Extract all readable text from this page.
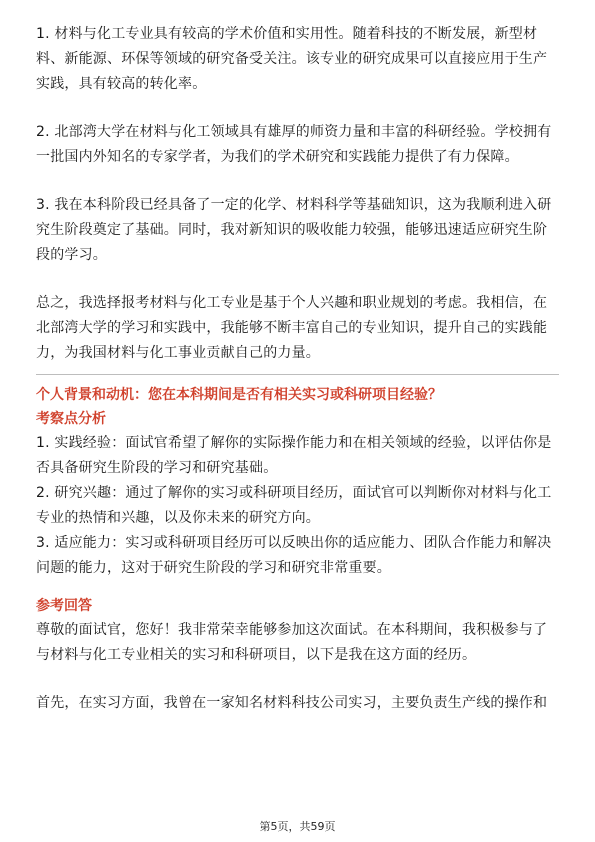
1. 材料与化工专业具有较高的学术价值和实用性。随着科技的不断发展，新型材料、新能源、环保等领域的研究备受关注。该专业的研究成果可以直接应用于生产实践，具有较高的转化率。

2. 北部湾大学在材料与化工领域具有雄厚的师资力量和丰富的科研经验。学校拥有一批国内外知名的专家学者，为我们的学术研究和实践能力提供了有力保障。

3. 我在本科阶段已经具备了一定的化学、材料科学等基础知识，这为我顺利进入研究生阶段奠定了基础。同时，我对新知识的吸收能力较强，能够迅速适应研究生阶段的学习。

总之，我选择报考材料与化工专业是基于个人兴趣和职业规划的考虑。我相信，在北部湾大学的学习和实践中，我能够不断丰富自己的专业知识，提升自己的实践能力，为我国材料与化工事业贡献自己的力量。

个人背景和动机：您在本科期间是否有相关实习或科研项目经验？

考察点分析

1. 实践经验：面试官希望了解你的实际操作能力和在相关领域的经验，以评估你是否具备研究生阶段的学习和研究基础。

2. 研究兴趣：通过了解你的实习或科研项目经历，面试官可以判断你对材料与化工专业的热情和兴趣，以及你未来的研究方向。

3. 适应能力：实习或科研项目经历可以反映出你的适应能力、团队合作能力和解决问题的能力，这对于研究生阶段的学习和研究非常重要。

参考回答

尊敬的面试官，您好！我非常荣幸能够参加这次面试。在本科期间，我积极参与了与材料与化工专业相关的实习和科研项目，以下是我在这方面的经历。

首先，在实习方面，我曾在一家知名材料科技公司实习，主要负责生产线的操作和

第5页，共59页
